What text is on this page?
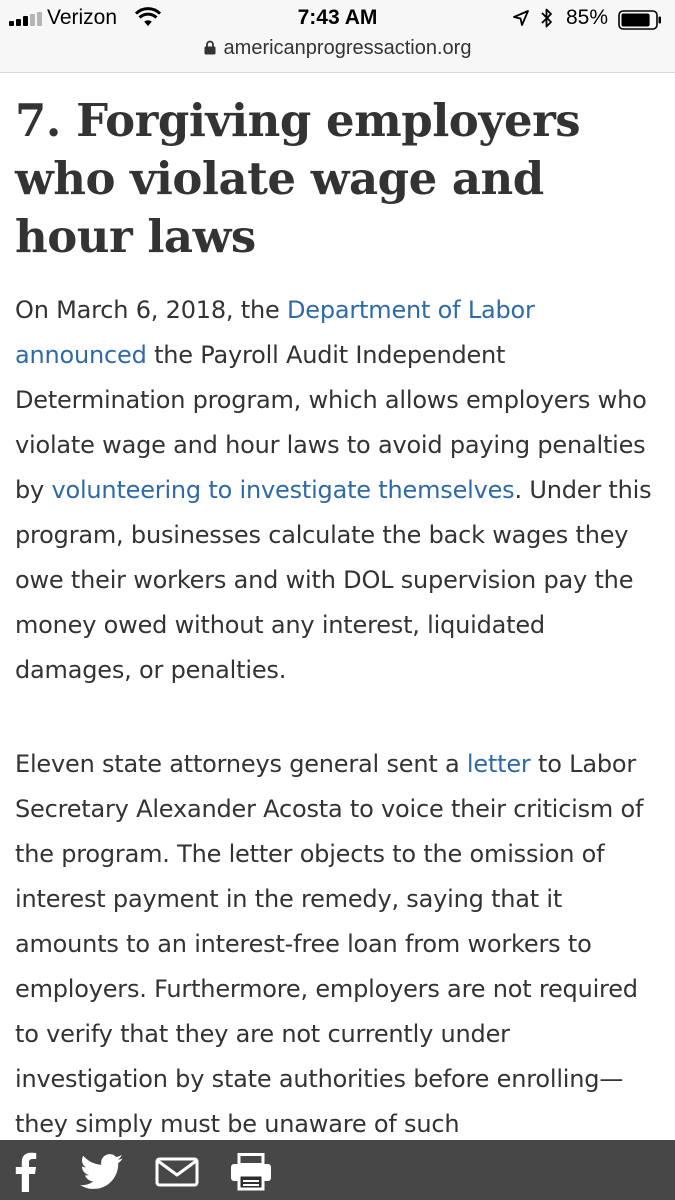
Verizon	7:43 AM	85%
americanprogressaction.org
7. Forgiving employers who violate wage and hour laws

On March 6, 2018, the Department of Labor announced the Payroll Audit Independent Determination program, which allows employers who violate wage and hour laws to avoid paying penalties by volunteering to investigate themselves. Under this program, businesses calculate the back wages they owe their workers and with DOL supervision pay the money owed without any interest, liquidated damages, or penalties.

Eleven state attorneys general sent a letter to Labor Secretary Alexander Acosta to voice their criticism of the program. The letter objects to the omission of interest payment in the remedy, saying that it amounts to an interest-free loan from workers to employers. Furthermore, employers are not required to verify that they are not currently under investigation by state authorities before enrolling—they simply must be unaware of such
